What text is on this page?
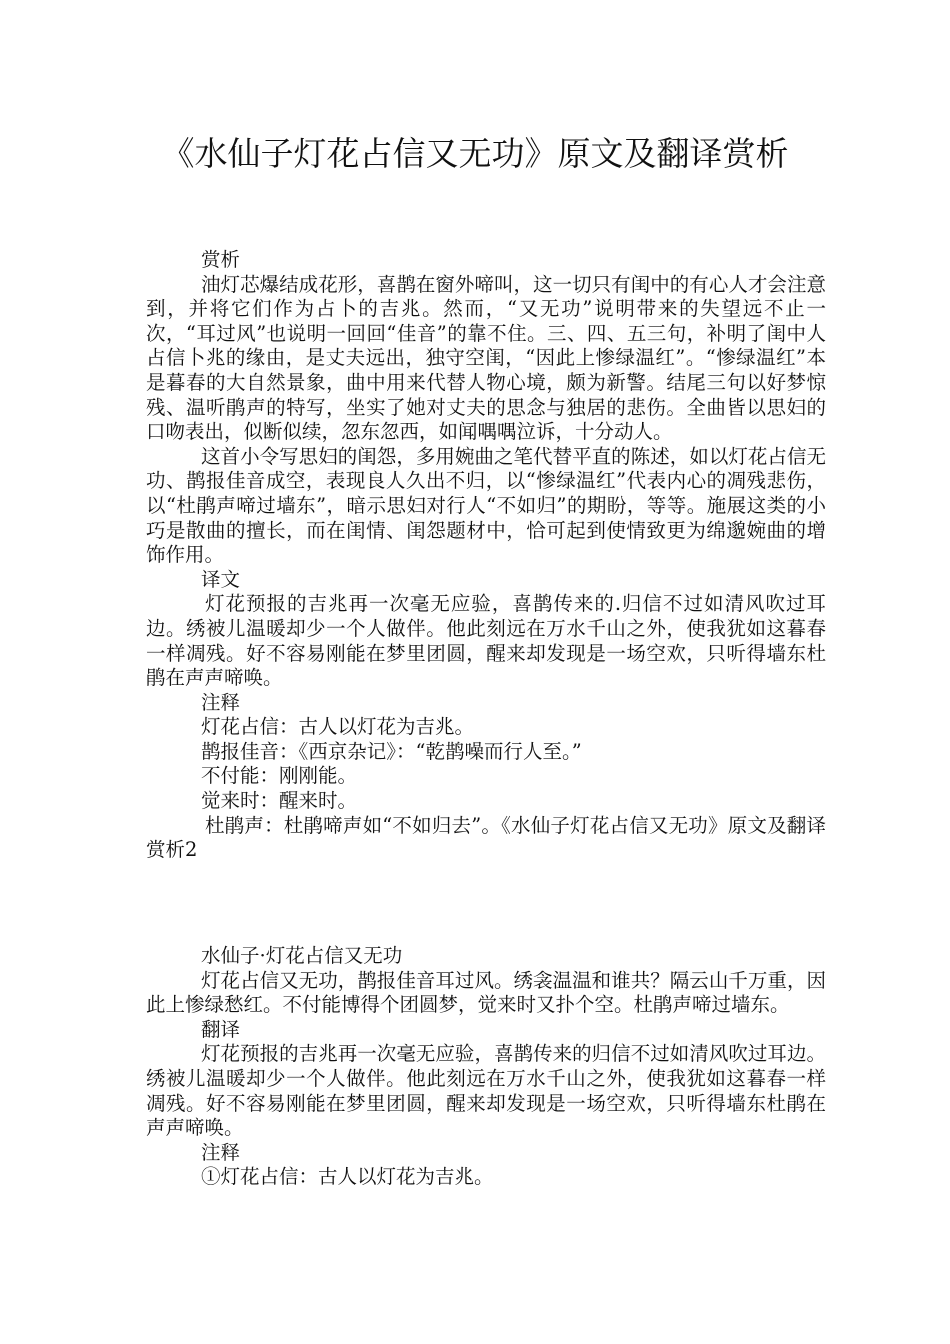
《水仙子灯花占信又无功》原文及翻译赏析

赏析

油灯芯爆结成花形，喜鹊在窗外啼叫，这一切只有闺中的有心人才会注意到，并将它们作为占卜的吉兆。然而，“又无功”说明带来的失望远不止一次，“耳过风”也说明一回回“佳音”的靠不住。三、四、五三句，补明了闺中人占信卜兆的缘由，是丈夫远出，独守空闺，“因此上惨绿温红”。“惨绿温红”本是暮春的大自然景象，曲中用来代替人物心境，颇为新警。结尾三句以好梦惊残、温听鹃声的特写，坐实了她对丈夫的思念与独居的悲伤。全曲皆以思妇的口吻表出，似断似续，忽东忽西，如闻喁喁泣诉，十分动人。

这首小令写思妇的闺怨，多用婉曲之笔代替平直的陈述，如以灯花占信无功、鹊报佳音成空，表现良人久出不归，以“惨绿温红”代表内心的凋残悲伤，以“杜鹃声啼过墙东”，暗示思妇对行人“不如归”的期盼，等等。施展这类的小巧是散曲的擅长，而在闺情、闺怨题材中，恰可起到使情致更为绵邈婉曲的增饰作用。

译文

灯花预报的吉兆再一次毫无应验，喜鹊传来的.归信不过如清风吹过耳边。绣被儿温暖却少一个人做伴。他此刻远在万水千山之外，使我犹如这暮春一样凋残。好不容易刚能在梦里团圆，醒来却发现是一场空欢，只听得墙东杜鹃在声声啼唤。

注释

灯花占信：古人以灯花为吉兆。

鹊报佳音：《西京杂记》：“乾鹊噪而行人至。”

不付能：刚刚能。

觉来时：醒来时。

杜鹃声：杜鹃啼声如“不如归去”。《水仙子灯花占信又无功》原文及翻译赏析2

水仙子·灯花占信又无功

灯花占信又无功，鹊报佳音耳过风。绣衾温温和谁共？隔云山千万重，因此上惨绿愁红。不付能博得个团圆梦，觉来时又扑个空。杜鹃声啼过墙东。

翻译

灯花预报的吉兆再一次毫无应验，喜鹊传来的归信不过如清风吹过耳边。绣被儿温暖却少一个人做伴。他此刻远在万水千山之外，使我犹如这暮春一样凋残。好不容易刚能在梦里团圆，醒来却发现是一场空欢，只听得墙东杜鹃在声声啼唤。

注释

①灯花占信：古人以灯花为吉兆。
